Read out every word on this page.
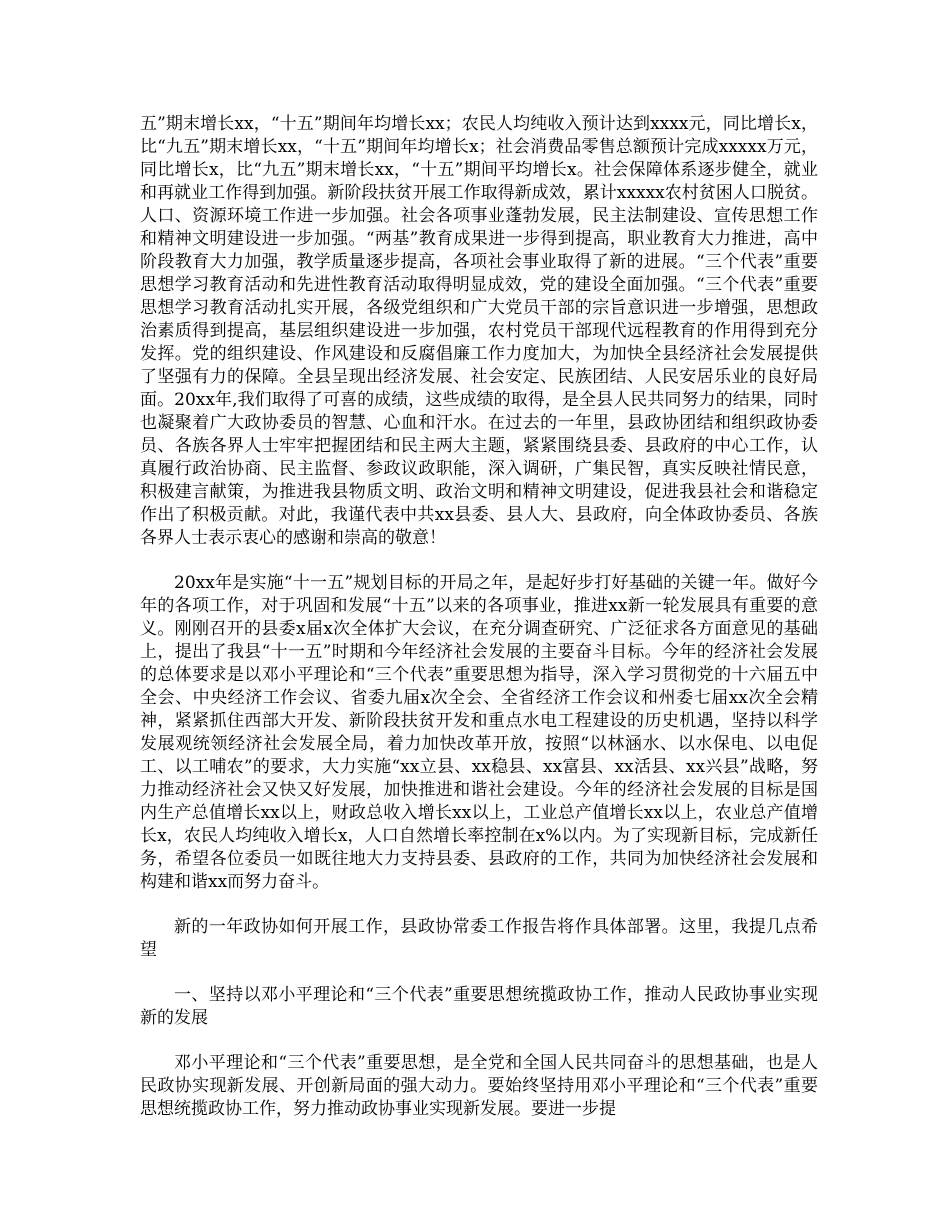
五”期末增长xx，“十五”期间年均增长xx；农民人均纯收入预计达到xxxx元，同比增长x，比“九五”期末增长xx，“十五”期间年均增长x；社会消费品零售总额预计完成xxxxx万元，同比增长x，比“九五”期末增长xx，“十五”期间平均增长x。社会保障体系逐步健全，就业和再就业工作得到加强。新阶段扶贫开展工作取得新成效，累计xxxxx农村贫困人口脱贫。人口、资源环境工作进一步加强。社会各项事业蓬勃发展，民主法制建设、宣传思想工作和精神文明建设进一步加强。“两基”教育成果进一步得到提高，职业教育大力推进，高中阶段教育大力加强，教学质量逐步提高，各项社会事业取得了新的进展。“三个代表”重要思想学习教育活动和先进性教育活动取得明显成效，党的建设全面加强。“三个代表”重要思想学习教育活动扎实开展，各级党组织和广大党员干部的宗旨意识进一步增强，思想政治素质得到提高，基层组织建设进一步加强，农村党员干部现代远程教育的作用得到充分发挥。党的组织建设、作风建设和反腐倡廉工作力度加大，为加快全县经济社会发展提供了坚强有力的保障。全县呈现出经济发展、社会安定、民族团结、人民安居乐业的良好局面。20xx年,我们取得了可喜的成绩，这些成绩的取得，是全县人民共同努力的结果，同时也凝聚着广大政协委员的智慧、心血和汗水。在过去的一年里，县政协团结和组织政协委员、各族各界人士牢牢把握团结和民主两大主题，紧紧围绕县委、县政府的中心工作，认真履行政治协商、民主监督、参政议政职能，深入调研，广集民智，真实反映社情民意，积极建言献策，为推进我县物质文明、政治文明和精神文明建设，促进我县社会和谐稳定作出了积极贡献。对此，我谨代表中共xx县委、县人大、县政府，向全体政协委员、各族各界人士表示衷心的感谢和崇高的敬意！

20xx年是实施“十一五”规划目标的开局之年，是起好步打好基础的关键一年。做好今年的各项工作，对于巩固和发展“十五”以来的各项事业，推进xx新一轮发展具有重要的意义。刚刚召开的县委x届x次全体扩大会议，在充分调查研究、广泛征求各方面意见的基础上，提出了我县“十一五”时期和今年经济社会发展的主要奋斗目标。今年的经济社会发展的总体要求是以邓小平理论和“三个代表”重要思想为指导，深入学习贯彻党的十六届五中全会、中央经济工作会议、省委九届x次全会、全省经济工作会议和州委七届xx次全会精神，紧紧抓住西部大开发、新阶段扶贫开发和重点水电工程建设的历史机遇，坚持以科学发展观统领经济社会发展全局，着力加快改革开放，按照“以林涵水、以水保电、以电促工、以工哺农”的要求，大力实施“xx立县、xx稳县、xx富县、xx活县、xx兴县”战略，努力推动经济社会又快又好发展，加快推进和谐社会建设。今年的经济社会发展的目标是国内生产总值增长xx以上，财政总收入增长xx以上，工业总产值增长xx以上，农业总产值增长x，农民人均纯收入增长x，人口自然增长率控制在x%以内。为了实现新目标，完成新任务，希望各位委员一如既往地大力支持县委、县政府的工作，共同为加快经济社会发展和构建和谐xx而努力奋斗。

新的一年政协如何开展工作，县政协常委工作报告将作具体部署。这里，我提几点希望

一、坚持以邓小平理论和“三个代表”重要思想统揽政协工作，推动人民政协事业实现新的发展

邓小平理论和“三个代表”重要思想，是全党和全国人民共同奋斗的思想基础，也是人民政协实现新发展、开创新局面的强大动力。要始终坚持用邓小平理论和“三个代表”重要思想统揽政协工作，努力推动政协事业实现新发展。要进一步提
